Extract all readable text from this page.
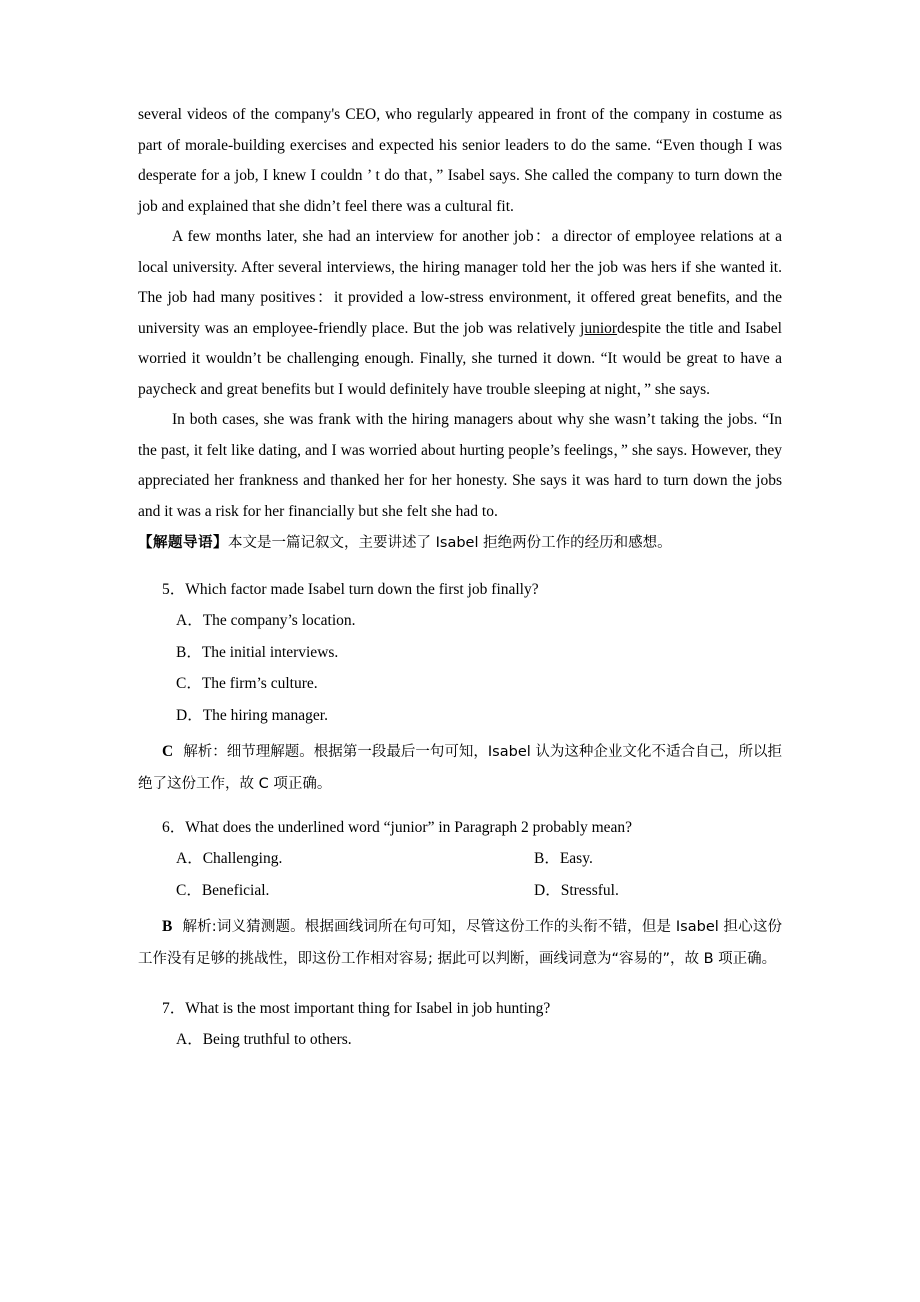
several videos of the company's CEO, who regularly appeared in front of the company in costume as part of morale‐building exercises and expected his senior leaders to do the same. “Even though I was desperate for a job, I knew I couldn ’ t do that，” Isabel says. She called the company to turn down the job and explained that she didn’t feel there was a cultural fit.

A few months later, she had an interview for another job：a director of employee relations at a local university. After several interviews, the hiring manager told her the job was hers if she wanted it. The job had many positives：it provided a low-stress environment, it offered great benefits, and the university was an employee‐friendly place. But the job was relatively juniordespite the title and Isabel worried it wouldn’t be challenging enough. Finally, she turned it down. “It would be great to have a paycheck and great benefits but I would definitely have trouble sleeping at night，” she says.

In both cases, she was frank with the hiring managers about why she wasn’t taking the jobs. “In the past, it felt like dating, and I was worried about hurting people’s feelings，” she says. However, they appreciated her frankness and thanked her for her honesty. She says it was hard to turn down the jobs and it was a risk for her financially but she felt she had to.

【解题导语】本文是一篇记叙文，主要讲述了 Isabel 拒绝两份工作的经历和感想。

5．Which factor made Isabel turn down the first job finally?
A．The company’s location.
B．The initial interviews.
C．The firm’s culture.
D．The hiring manager.
C 解析：细节理解题。根据第一段最后一句可知，Isabel 认为这种企业文化不适合自己，所以拒绝了这份工作，故 C 项正确。
6．What does the underlined word “junior” in Paragraph 2 probably mean?
A．Challenging.	B．Easy.
C．Beneficial.	D．Stressful.
B 解析:词义猜测题。根据画线词所在句可知，尽管这份工作的头衔不错，但是 Isabel 担心这份工作没有足够的挑战性，即这份工作相对容易; 据此可以判断，画线词意为“容易的”，故 B 项正确。
7．What is the most important thing for Isabel in job hunting?
A．Being truthful to others.
